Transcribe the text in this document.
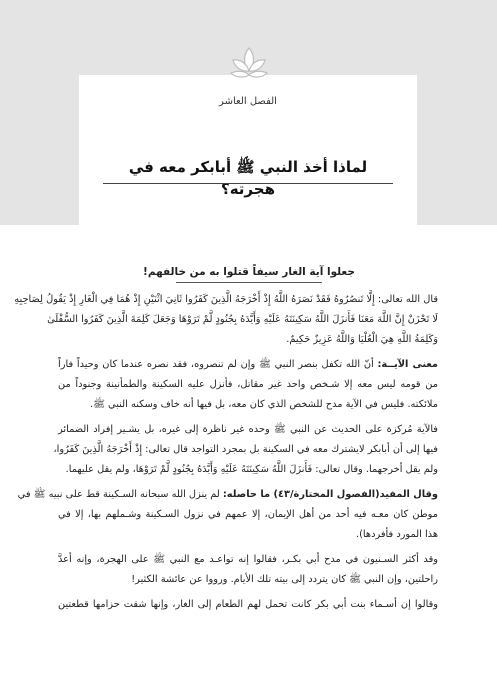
الفصل العاشر
لماذا أخذ النبي ﷺ أبابكر معه في هجرته؟
جعلوا آية الغار سيفاً قتلوا به من خالفهم!
قال الله تعالى: إِلَّا تَنصُرُوهُ فَقَدْ نَصَرَهُ اللَّهُ إِذْ أَخْرَجَهُ الَّذِينَ كَفَرُوا ثَانِيَ اثْنَيْنِ إِذْ هُمَا فِي الْغَارِ إِذْ يَقُولُ لِصَاحِبِهِ
لَا تَحْزَنْ إِنَّ اللَّهَ مَعَنَا فَأَنزَلَ اللَّهُ سَكِينَتَهُ عَلَيْهِ وَأَيَّدَهُ بِجُنُودٍ لَّمْ تَرَوْهَا وَجَعَلَ كَلِمَةَ الَّذِينَ كَفَرُوا السُّفْلَىٰ
وَكَلِمَةُ اللَّهِ هِيَ الْعُلْيَا وَاللَّهُ عَزِيزٌ حَكِيمٌ.
معنى الآيــة: أنّ الله تكفل بنصر النبي ﷺ وإن لم تنصروه، فقد نصره عندما كان وحيداً فاراً
من قومه ليس معه إلا شـخص واحد غير مقاتل، فأنزل عليه السكينة والطمأنينة وجنوداً من
ملائكته. فليس في الآية مدح للشخص الذي كان معه، بل فيها أنه خاف وسكنه النبي ﷺ.
فالآية مُركزة على الحديث عن النبي ﷺ وحده غير ناظرة إلى غيره، بل يشـير إفراد الضمائر
فيها إلى أن أبابكر لايشترك معه في السكينة بل بمجرد التواجد قال تعالى: إِذْ أَخْرَجَهُ الَّذِينَ كَفَرُوا،
ولم يقل أخرجهما. وقال تعالى: فَأَنزَلَ اللَّهُ سَكِينَتَهُ عَلَيْهِ وَأَيَّدَهُ بِجُنُودٍ لَّمْ تَرَوْهَا، ولم يقل عليهما.
وقال المفيد(الفصول المختارة/٤٣) ما حاصله: لم ينزل الله سبحانه السـكينة قط على نبيه ﷺ في
موطن كان معـه فيه أحد من أهل الإيمان، إلا عمهم في نزول السـكينة وشـملهم بها، إلا في
هذا المورد فأفردها).
وقد أكثر السـنيون في مدح أبي بكـر، فقالوا إنه تواعـد مع النبي ﷺ على الهجرة، وإنه أعدَّ
راحلتين، وإن النبي ﷺ كان يتردد إلى بيته تلك الأيام. ورووا عن عائشة الكثير!
وقالوا إن أسـماء بنت أبي بكر كانت تحمل لهم الطعام إلى الغار، وإنها شقت حزامها قطعتين
